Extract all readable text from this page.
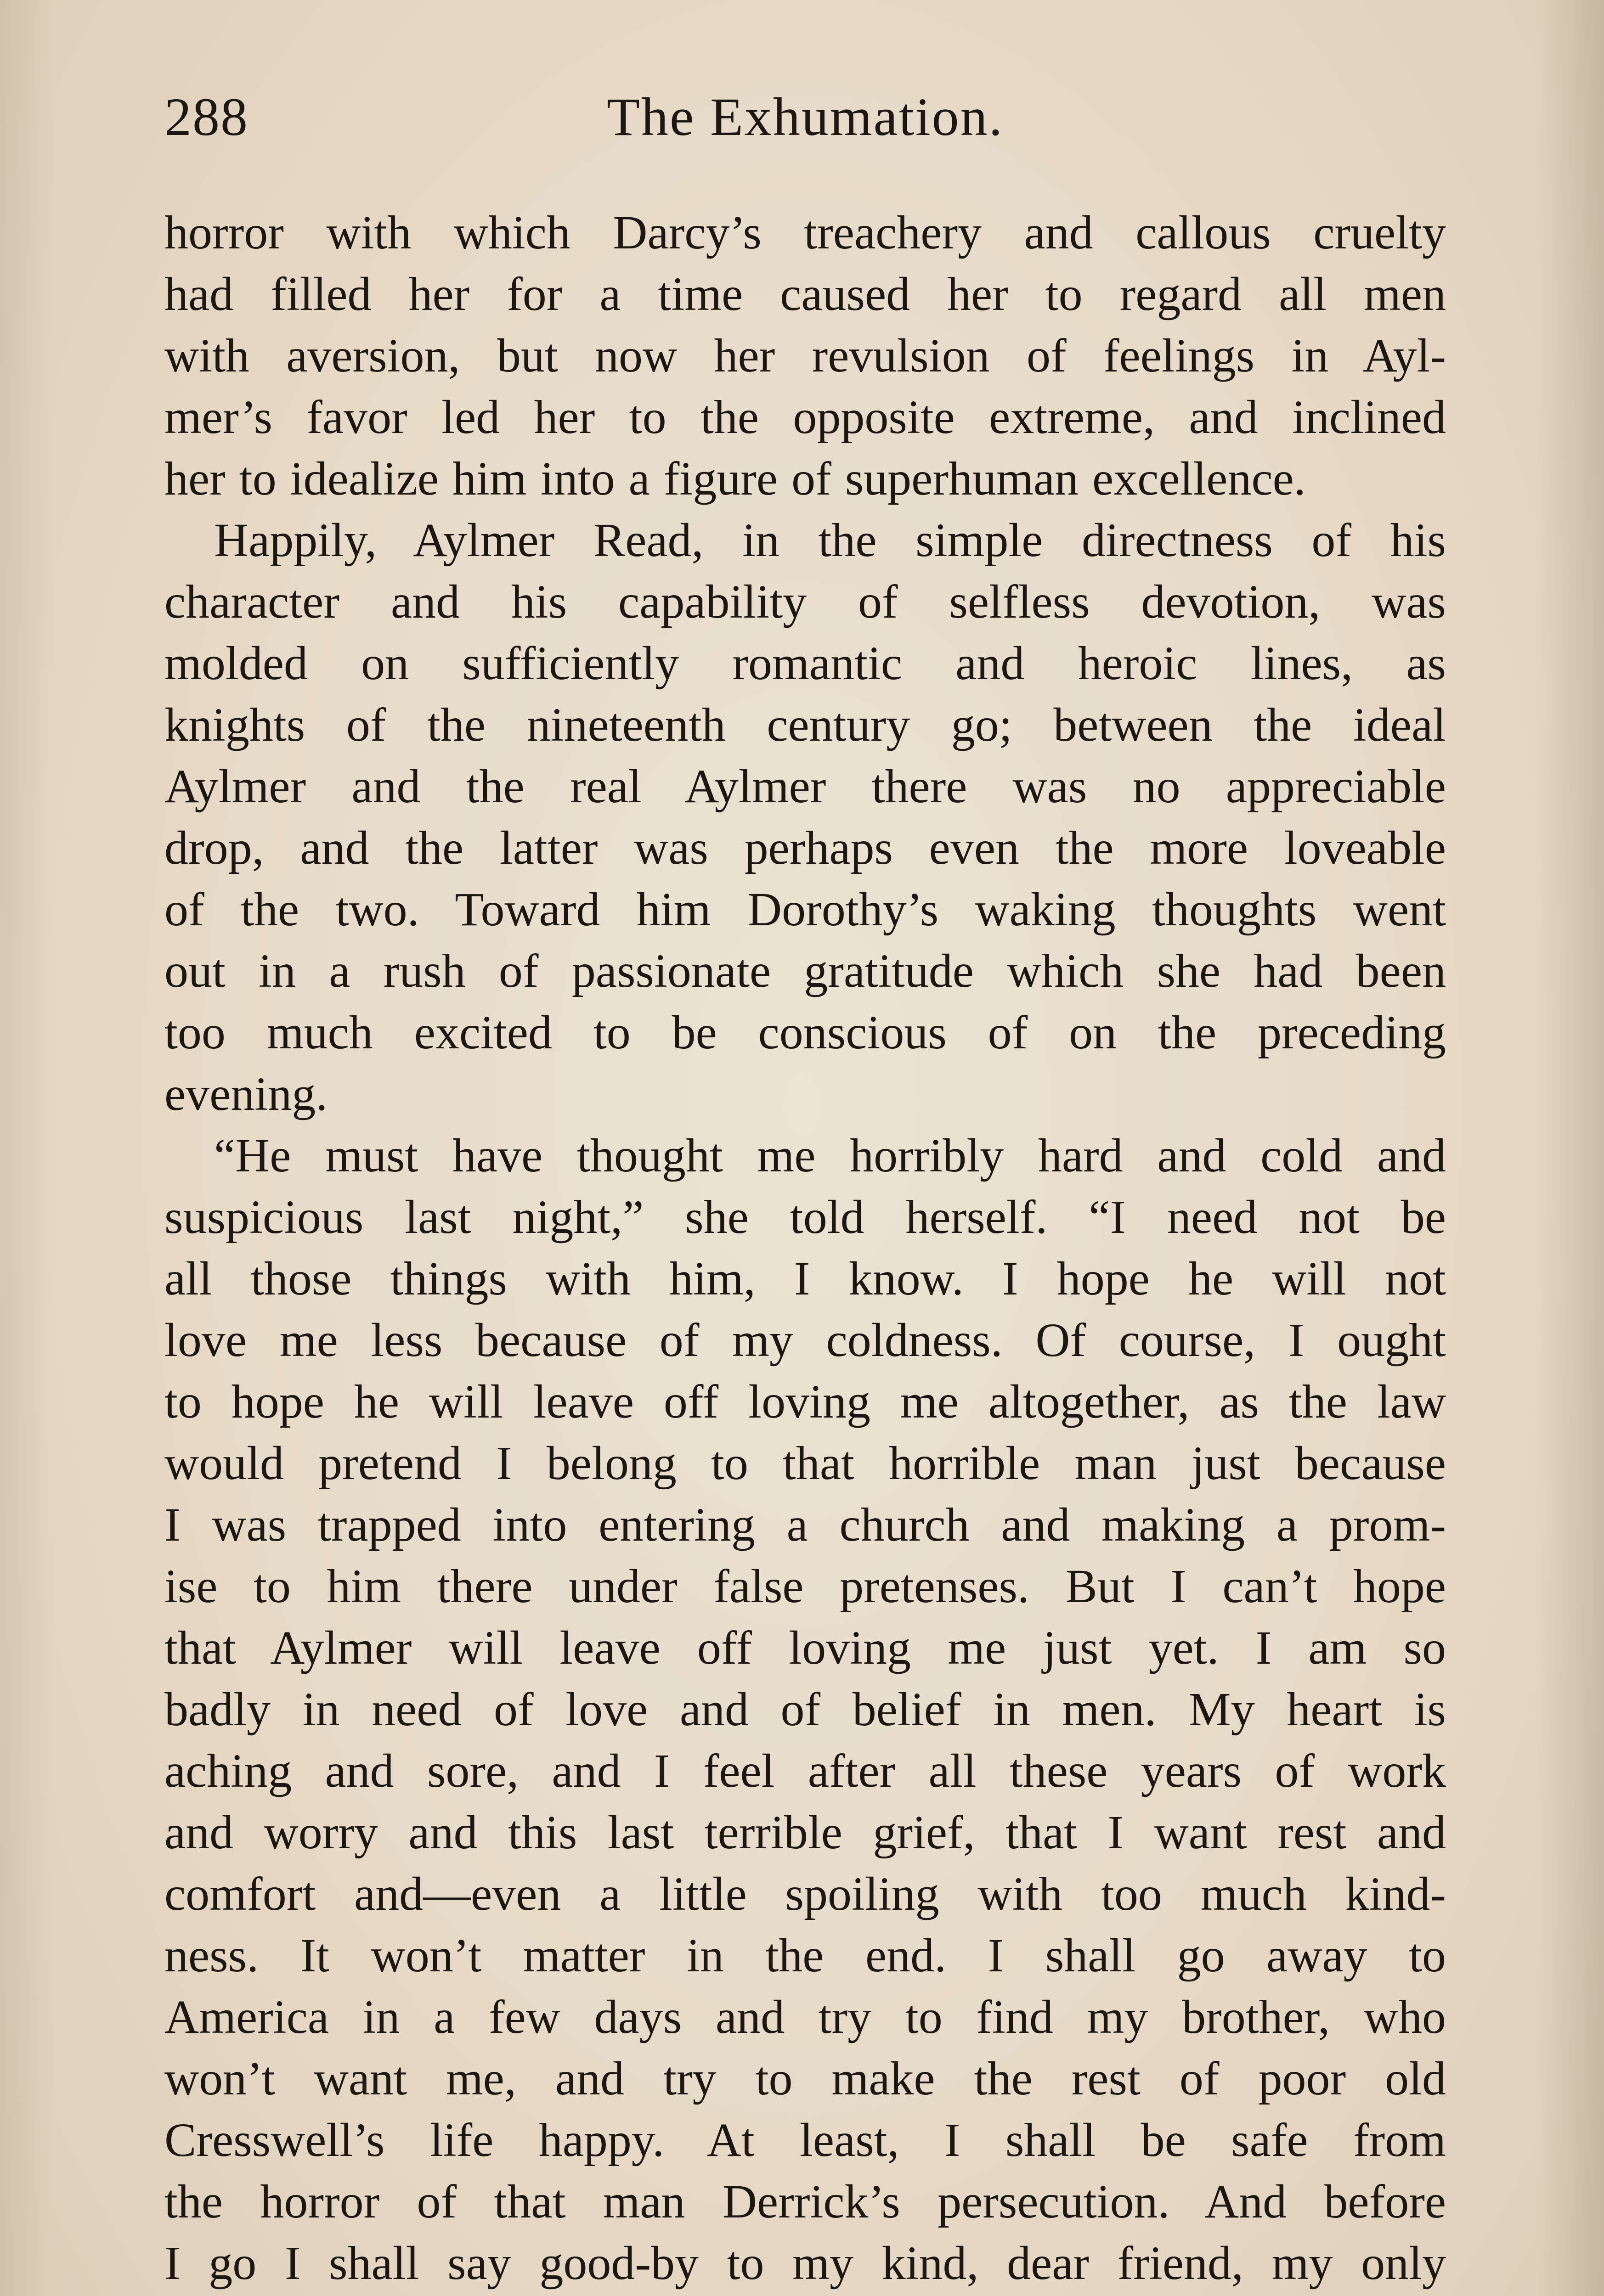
288	The Exhumation.
horror with which Darcy’s treachery and callous cruelty
had filled her for a time caused her to regard all men
with aversion, but now her revulsion of feelings in Ayl-
mer’s favor led her to the opposite extreme, and inclined
her to idealize him into a figure of superhuman excellence.
Happily, Aylmer Read, in the simple directness of his
character and his capability of selfless devotion, was
molded on sufficiently romantic and heroic lines, as
knights of the nineteenth century go; between the ideal
Aylmer and the real Aylmer there was no appreciable
drop, and the latter was perhaps even the more loveable
of the two. Toward him Dorothy’s waking thoughts went
out in a rush of passionate gratitude which she had been
too much excited to be conscious of on the preceding
evening.
“He must have thought me horribly hard and cold and
suspicious last night,” she told herself. “I need not be
all those things with him, I know. I hope he will not
love me less because of my coldness. Of course, I ought
to hope he will leave off loving me altogether, as the law
would pretend I belong to that horrible man just because
I was trapped into entering a church and making a prom-
ise to him there under false pretenses. But I can’t hope
that Aylmer will leave off loving me just yet. I am so
badly in need of love and of belief in men. My heart is
aching and sore, and I feel after all these years of work
and worry and this last terrible grief, that I want rest and
comfort and—even a little spoiling with too much kind-
ness. It won’t matter in the end. I shall go away to
America in a few days and try to find my brother, who
won’t want me, and try to make the rest of poor old
Cresswell’s life happy. At least, I shall be safe from
the horror of that man Derrick’s persecution. And before
I go I shall say good-by to my kind, dear friend, my only
